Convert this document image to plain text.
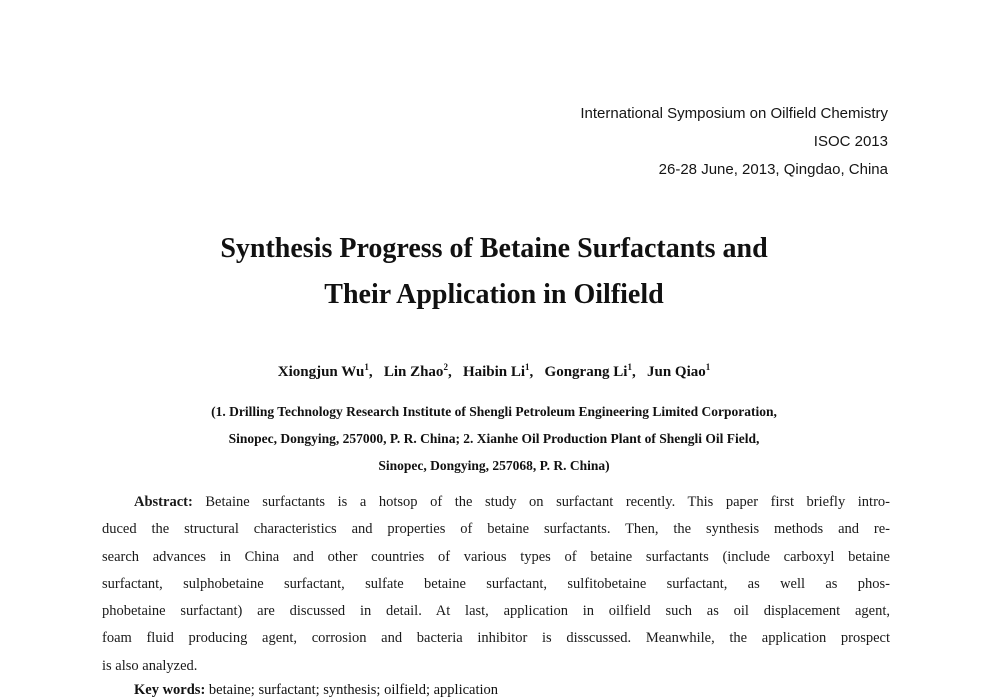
International Symposium on Oilfield Chemistry
ISOC 2013
26-28 June, 2013, Qingdao, China
Synthesis Progress of Betaine Surfactants and
Their Application in Oilfield
Xiongjun Wu$^1$, Lin Zhao$^2$, Haibin Li$^1$, Gongrang Li$^1$, Jun Qiao$^1$
(1. Drilling Technology Research Institute of Shengli Petroleum Engineering Limited Corporation,
Sinopec, Dongying, 257000, P. R. China; 2. Xianhe Oil Production Plant of Shengli Oil Field,
Sinopec, Dongying, 257068, P. R. China)
Abstract: Betaine surfactants is a hotsop of the study on surfactant recently. This paper first briefly intro-
duced the structural characteristics and properties of betaine surfactants. Then, the synthesis methods and re-
search advances in China and other countries of various types of betaine surfactants (include carboxyl betaine
surfactant, sulphobetaine surfactant, sulfate betaine surfactant, sulfitobetaine surfactant, as well as phos-
phobetaine surfactant) are discussed in detail. At last, application in oilfield such as oil displacement agent,
foam fluid producing agent, corrosion and bacteria inhibitor is disscussed. Meanwhile, the application prospect
is also analyzed.
Key words: betaine; surfactant; synthesis; oilfield; application
